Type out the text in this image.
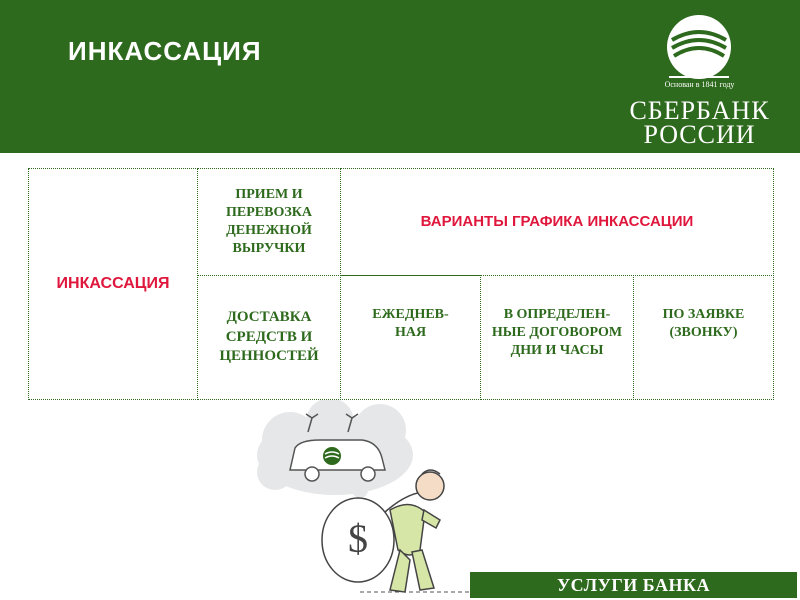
ИНКАССАЦИЯ
Основан в 1841 году
СБЕРБАНК
РОССИИ
ИНКАССАЦИЯ
ПРИЕМ И ПЕРЕВОЗКА ДЕНЕЖНОЙ ВЫРУЧКИ
ВАРИАНТЫ ГРАФИКА ИНКАССАЦИИ
ДОСТАВКА СРЕДСТВ И ЦЕННОСТЕЙ
ЕЖЕДНЕВ-НАЯ
В ОПРЕДЕЛЕН-НЫЕ ДОГОВОРОМ ДНИ И ЧАСЫ
ПО ЗАЯВКЕ (ЗВОНКУ)
$
УСЛУГИ БАНКА
